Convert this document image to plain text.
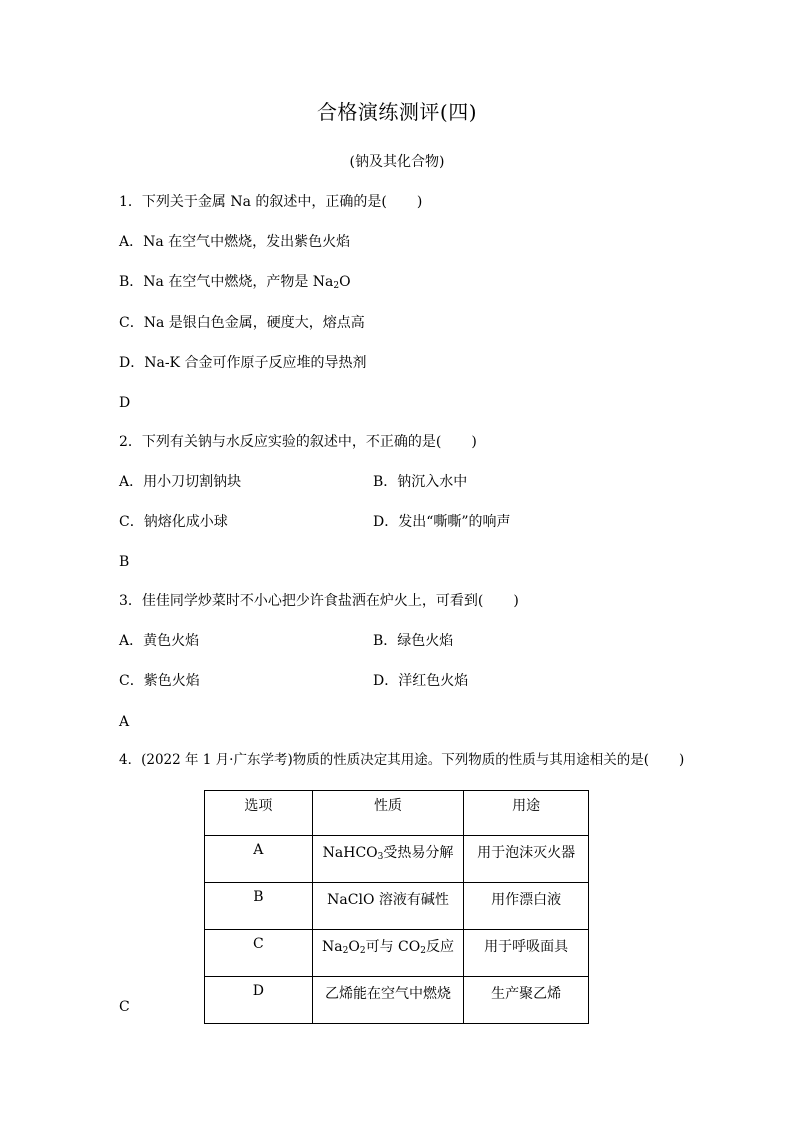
合格演练测评(四)
(钠及其化合物)
1．下列关于金属 Na 的叙述中，正确的是( )
A．Na 在空气中燃烧，发出紫色火焰
B．Na 在空气中燃烧，产物是 $Na_2O$
C．Na 是银白色金属，硬度大，熔点高
D．Na-K 合金可作原子反应堆的导热剂
D
2．下列有关钠与水反应实验的叙述中，不正确的是( )
A．用小刀切割钠块	B．钠沉入水中
C．钠熔化成小球	D．发出“嘶嘶”的响声
B
3．佳佳同学炒菜时不小心把少许食盐洒在炉火上，可看到( )
A．黄色火焰	B．绿色火焰
C．紫色火焰	D．洋红色火焰
A
4．(2022 年 1 月·广东学考)物质的性质决定其用途。下列物质的性质与其用途相关的是( )
选项	性质	用途
A	NaHCO$_3$受热易分解	用于泡沫灭火器
B	NaClO 溶液有碱性	用作漂白液
C	$Na_2O_2$可与 $CO_2$反应	用于呼吸面具
D	乙烯能在空气中燃烧	生产聚乙烯
C
